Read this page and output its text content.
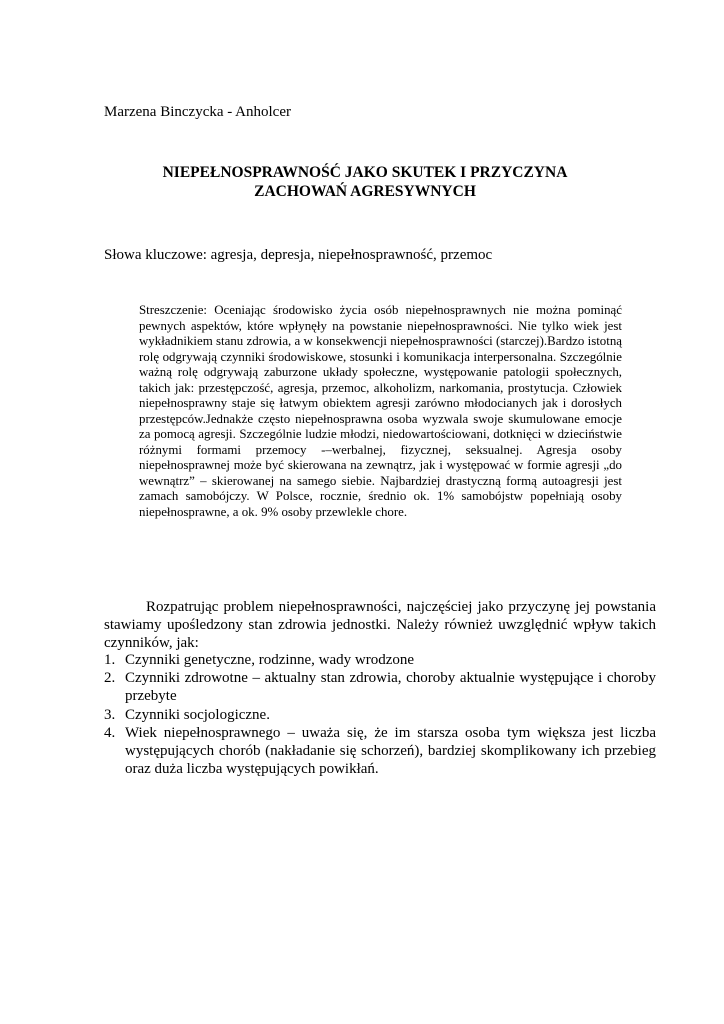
Marzena Binczycka - Anholcer
NIEPEŁNOSPRAWNOŚĆ JAKO SKUTEK I PRZYCZYNA
ZACHOWAŃ AGRESYWNYCH
Słowa kluczowe: agresja, depresja, niepełnosprawność, przemoc
Streszczenie: Oceniając środowisko życia osób niepełnosprawnych nie można pominąć pewnych aspektów, które wpłynęły na powstanie niepełnosprawności. Nie tylko wiek jest wykładnikiem stanu zdrowia, a w konsekwencji niepełnosprawności (starczej).Bardzo istotną rolę odgrywają czynniki środowiskowe, stosunki i komunikacja interpersonalna. Szczególnie ważną rolę odgrywają zaburzone układy społeczne, występowanie patologii społecznych, takich jak: przestępczość, agresja, przemoc, alkoholizm, narkomania, prostytucja. Człowiek niepełnosprawny staje się łatwym obiektem agresji zarówno młodocianych jak i dorosłych przestępców.Jednakże często niepełnosprawna osoba wyzwala swoje skumulowane emocje za pomocą agresji. Szczególnie ludzie młodzi, niedowartościowani, dotknięci w dzieciństwie różnymi formami przemocy -–werbalnej, fizycznej, seksualnej. Agresja osoby niepełnosprawnej może być skierowana na zewnątrz, jak i występować w formie agresji „do wewnątrz” – skierowanej na samego siebie. Najbardziej drastyczną formą autoagresji jest zamach samobójczy. W Polsce, rocznie, średnio ok. 1% samobójstw popełniają osoby niepełnosprawne, a ok. 9% osoby przewlekle chore.
Rozpatrując problem niepełnosprawności, najczęściej jako przyczynę jej powstania stawiamy upośledzony stan zdrowia jednostki. Należy również uwzględnić wpływ takich czynników, jak:
1. Czynniki genetyczne, rodzinne, wady wrodzone
2. Czynniki zdrowotne – aktualny stan zdrowia, choroby aktualnie występujące i choroby przebyte
3. Czynniki socjologiczne.
4. Wiek niepełnosprawnego – uważa się, że im starsza osoba tym większa jest liczba występujących chorób (nakładanie się schorzeń), bardziej skomplikowany ich przebieg oraz duża liczba występujących powikłań.
